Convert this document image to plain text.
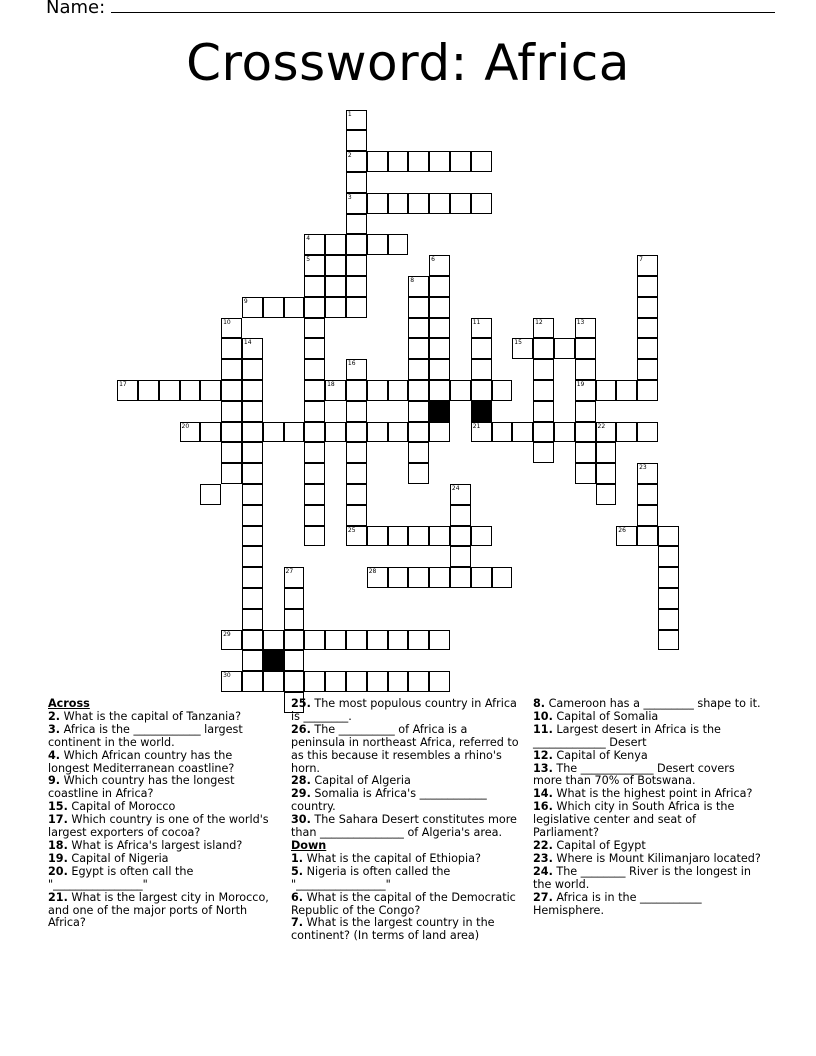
Name:
Crossword: Africa
1
2
3
4
5	6	7
8
9
10	11	12	13
14	15
16
17	18	19
20	21	22
23
24
25	26
27	28
29
30

Across

2. What is the capital of Tanzania?

3. Africa is the ____________ largest continent in the world.

4. Which African country has the longest Mediterranean coastline?

9. Which country has the longest coastline in Africa?

15. Capital of Morocco

17. Which country is one of the world's largest exporters of cocoa?

18. What is Africa's largest island?

19. Capital of Nigeria

20. Egypt is often call the "________________"

21. What is the largest city in Morocco, and one of the major ports of North Africa?

25. The most populous country in Africa is ________.

26. The __________ of Africa is a peninsula in northeast Africa, referred to as this because it resembles a rhino's horn.

28. Capital of Algeria

29. Somalia is Africa's ____________ country.

30. The Sahara Desert constitutes more than _______________ of Algeria's area.

Down

1. What is the capital of Ethiopia?

5. Nigeria is often called the "________________"

6. What is the capital of the Democratic Republic of the Congo?

7. What is the largest country in the continent? (In terms of land area)

8. Cameroon has a _________ shape to it.

10. Capital of Somalia

11. Largest desert in Africa is the _____________ Desert

12. Capital of Kenya

13. The _____________ Desert covers more than 70% of Botswana.

14. What is the highest point in Africa?

16. Which city in South Africa is the legislative center and seat of Parliament?

22. Capital of Egypt

23. Where is Mount Kilimanjaro located?

24. The ________ River is the longest in the world.

27. Africa is in the ___________ Hemisphere.
